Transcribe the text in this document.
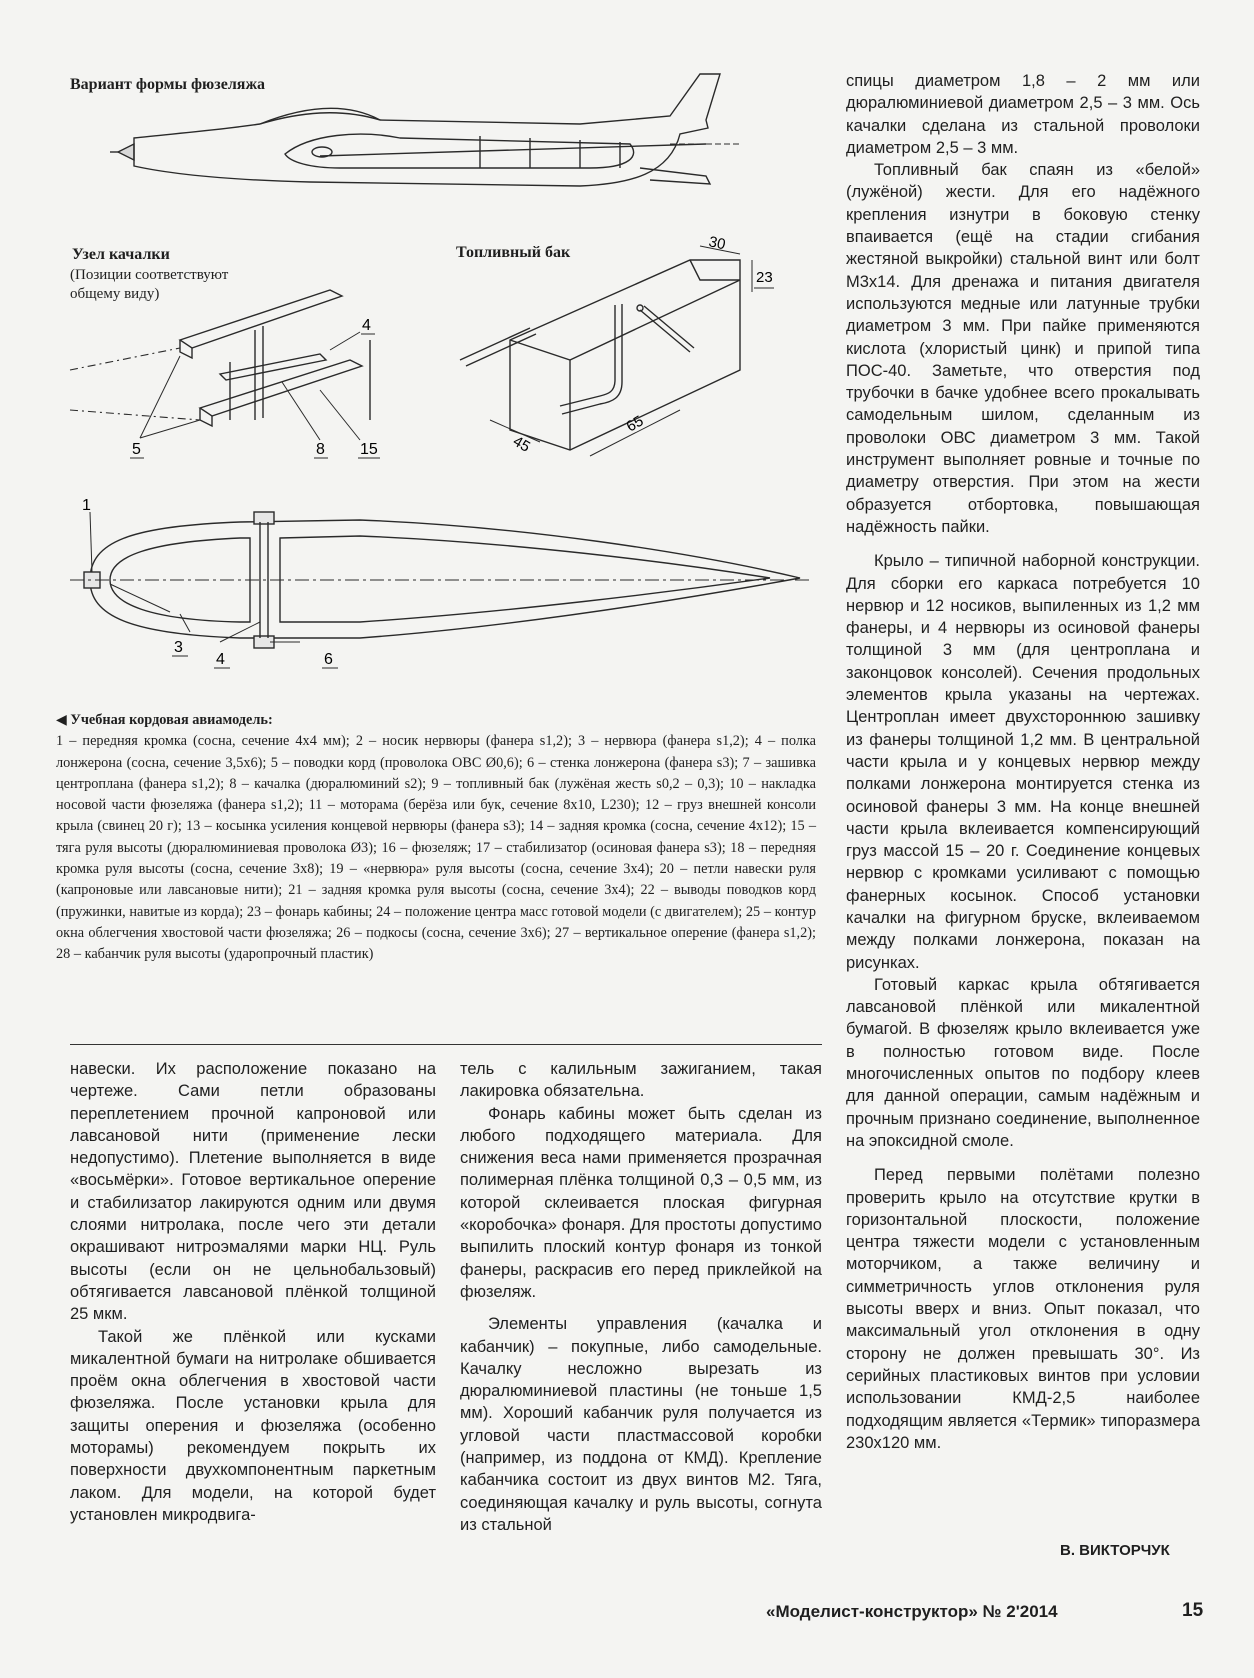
Вариант формы фюзеляжа
Узел качалки
(Позиции соответствуют общему виду)
4
5	8 15
Топливный бак	30
23
45
65
1
3
4	6
◀ Учебная кордовая авиамодель:
1 – передняя кромка (сосна, сечение 4х4 мм); 2 – носик нервюры (фанера s1,2); 3 – нервюра (фанера s1,2); 4 – полка лонжерона (сосна, сечение 3,5х6); 5 – поводки корд (проволока ОВС Ø0,6); 6 – стенка лонжерона (фанера s3); 7 – зашивка центроплана (фанера s1,2); 8 – качалка (дюралюминий s2); 9 – топливный бак (лужёная жесть s0,2 – 0,3); 10 – накладка носовой части фюзеляжа (фанера s1,2); 11 – моторама (берёза или бук, сечение 8х10, L230); 12 – груз внешней консоли крыла (свинец 20 г); 13 – косынка усиления концевой нервюры (фанера s3); 14 – задняя кромка (сосна, сечение 4х12); 15 – тяга руля высоты (дюралюминиевая проволока Ø3); 16 – фюзеляж; 17 – стабилизатор (осиновая фанера s3); 18 – передняя кромка руля высоты (сосна, сечение 3х8); 19 – «нервюра» руля высоты (сосна, сечение 3х4); 20 – петли навески руля (капроновые или лавсановые нити); 21 – задняя кромка руля высоты (сосна, сечение 3х4); 22 – выводы поводков корд (пружинки, навитые из корда); 23 – фонарь кабины; 24 – положение центра масс готовой модели (с двигателем); 25 – контур окна облегчения хвостовой части фюзеляжа; 26 – подкосы (сосна, сечение 3х6); 27 – вертикальное оперение (фанера s1,2); 28 – кабанчик руля высоты (ударопрочный пластик)

спицы диаметром 1,8 – 2 мм или дюралюминиевой диаметром 2,5 – 3 мм. Ось качалки сделана из стальной проволоки диаметром 2,5 – 3 мм.

Топливный бак спаян из «белой» (лужёной) жести. Для его надёжного крепления изнутри в боковую стенку впаивается (ещё на стадии сгибания жестяной выкройки) стальной винт или болт М3х14. Для дренажа и питания двигателя используются медные или латунные трубки диаметром 3 мм. При пайке применяются кислота (хлористый цинк) и припой типа ПОС-40. Заметьте, что отверстия под трубочки в бачке удобнее всего прокалывать самодельным шилом, сделанным из проволоки ОВС диаметром 3 мм. Такой инструмент выполняет ровные и точные по диаметру отверстия. При этом на жести образуется отбортовка, повышающая надёжность пайки.

Крыло – типичной наборной конструкции. Для сборки его каркаса потребуется 10 нервюр и 12 носиков, выпиленных из 1,2 мм фанеры, и 4 нервюры из осиновой фанеры толщиной 3 мм (для центроплана и законцовок консолей). Сечения продольных элементов крыла указаны на чертежах. Центроплан имеет двухстороннюю зашивку из фанеры толщиной 1,2 мм. В центральной части крыла и у концевых нервюр между полками лонжерона монтируется стенка из осиновой фанеры 3 мм. На конце внешней части крыла вклеивается компенсирующий груз массой 15 – 20 г. Соединение концевых нервюр с кромками усиливают с помощью фанерных косынок. Способ установки качалки на фигурном бруске, вклеиваемом между полками лонжерона, показан на рисунках.

Готовый каркас крыла обтягивается лавсановой плёнкой или микалентной бумагой. В фюзеляж крыло вклеивается уже в полностью готовом виде. После многочисленных опытов по подбору клеев для данной операции, самым надёжным и прочным признано соединение, выполненное на эпоксидной смоле.

Перед первыми полётами полезно проверить крыло на отсутствие крутки в горизонтальной плоскости, положение центра тяжести модели с установленным моторчиком, а также величину и симметричность углов отклонения руля высоты вверх и вниз. Опыт показал, что максимальный угол отклонения в одну сторону не должен превышать 30°. Из серийных пластиковых винтов при условии использовании КМД-2,5 наиболее подходящим является «Термик» типоразмера 230х120 мм.

В. ВИКТОРЧУК

навески. Их расположение показано на чертеже. Сами петли образованы переплетением прочной капроновой или лавсановой нити (применение лески недопустимо). Плетение выполняется в виде «восьмёрки». Готовое вертикальное оперение и стабилизатор лакируются одним или двумя слоями нитролака, после чего эти детали окрашивают нитроэмалями марки НЦ. Руль высоты (если он не цельнобальзовый) обтягивается лавсановой плёнкой толщиной 25 мкм.

Такой же плёнкой или кусками микалентной бумаги на нитролаке обшивается проём окна облегчения в хвостовой части фюзеляжа. После установки крыла для защиты оперения и фюзеляжа (особенно моторамы) рекомендуем покрыть их поверхности двухкомпонентным паркетным лаком. Для модели, на которой будет установлен микродвига-

тель с калильным зажиганием, такая лакировка обязательна.

Фонарь кабины может быть сделан из любого подходящего материала. Для снижения веса нами применяется прозрачная полимерная плёнка толщиной 0,3 – 0,5 мм, из которой склеивается плоская фигурная «коробочка» фонаря. Для простоты допустимо выпилить плоский контур фонаря из тонкой фанеры, раскрасив его перед приклейкой на фюзеляж.

Элементы управления (качалка и кабанчик) – покупные, либо самодельные. Качалку несложно вырезать из дюралюминиевой пластины (не тоньше 1,5 мм). Хороший кабанчик руля получается из угловой части пластмассовой коробки (например, из поддона от КМД). Крепление кабанчика состоит из двух винтов М2. Тяга, соединяющая качалку и руль высоты, согнута из стальной

«Моделист-конструктор» № 2'2014	15
